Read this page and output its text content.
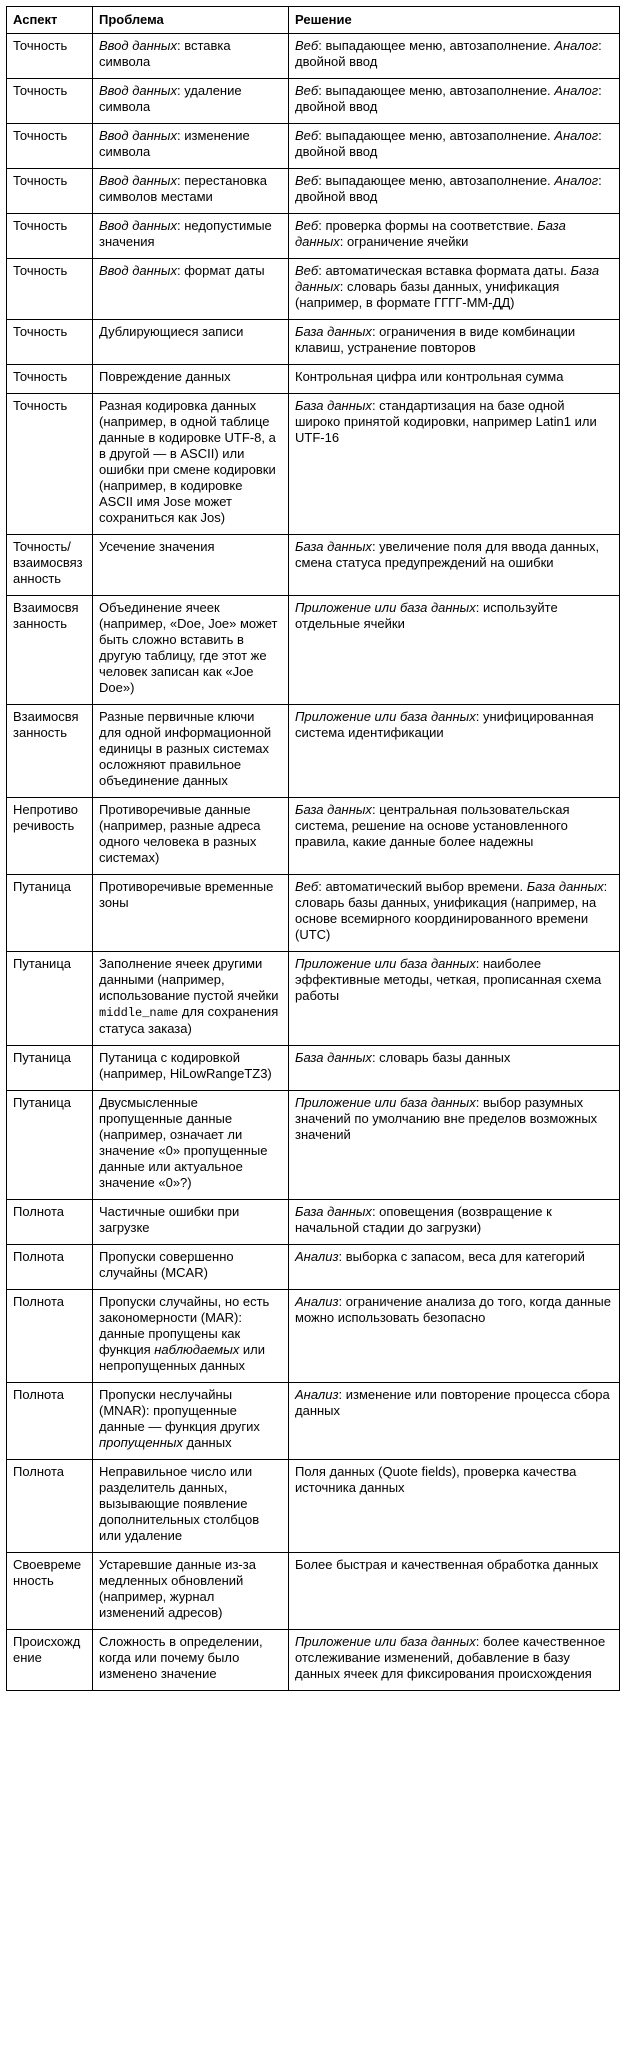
Аспект	Проблема	Решение
Точность	Ввод данных: вставка символа	Веб: выпадающее меню, автозаполнение. Аналог: двойной ввод
Точность	Ввод данных: удаление символа	Веб: выпадающее меню, автозаполнение. Аналог: двойной ввод
Точность	Ввод данных: изменение символа	Веб: выпадающее меню, автозаполнение. Аналог: двойной ввод
Точность	Ввод данных: перестановка символов местами	Веб: выпадающее меню, автозаполнение. Аналог: двойной ввод
Точность	Ввод данных: недопустимые значения	Веб: проверка формы на соответствие. База данных: ограничение ячейки
Точность	Ввод данных: формат даты	Веб: автоматическая вставка формата даты. База данных: словарь базы данных, унификация (например, в формате ГГГГ-ММ-ДД)
Точность	Дублирующиеся записи	База данных: ограничения в виде комбинации клавиш, устранение повторов
Точность	Повреждение данных	Контрольная цифра или контрольная сумма
Точность	Разная кодировка данных (например, в одной таблице данные в кодировке UTF-8, а в другой — в ASCII) или ошибки при смене кодировки (например, в кодировке ASCII имя Jose может сохраниться как Jos)	База данных: стандартизация на базе одной широко принятой кодировки, например Latin1 или UTF-16
Точность/взаимосвязанность	Усечение значения	База данных: увеличение поля для ввода данных, смена статуса предупреждений на ошибки
Взаимосвязанность	Объединение ячеек (например, «Doe, Joe» может быть сложно вставить в другую таблицу, где этот же человек записан как «Joe Doe»)	Приложение или база данных: используйте отдельные ячейки
Взаимосвязанность	Разные первичные ключи для одной информационной единицы в разных системах осложняют правильное объединение данных	Приложение или база данных: унифицированная система идентификации
Непротиворечивость	Противоречивые данные (например, разные адреса одного человека в разных системах)	База данных: центральная пользовательская система, решение на основе установленного правила, какие данные более надежны
Путаница	Противоречивые временные зоны	Веб: автоматический выбор времени. База данных: словарь базы данных, унификация (например, на основе всемирного координированного времени (UTC)
Путаница	Заполнение ячеек другими данными (например, использование пустой ячейки middle_name для сохранения статуса заказа)	Приложение или база данных: наиболее эффективные методы, четкая, прописанная схема работы
Путаница	Путаница с кодировкой (например, HiLowRangeTZ3)	База данных: словарь базы данных
Путаница	Двусмысленные пропущенные данные (например, означает ли значение «0» пропущенные данные или актуальное значение «0»?)	Приложение или база данных: выбор разумных значений по умолчанию вне пределов возможных значений
Полнота	Частичные ошибки при загрузке	База данных: оповещения (возвращение к начальной стадии до загрузки)
Полнота	Пропуски совершенно случайны (MCAR)	Анализ: выборка с запасом, веса для категорий
Полнота	Пропуски случайны, но есть закономерности (MAR): данные пропущены как функция наблюдаемых или непропущенных данных	Анализ: ограничение анализа до того, когда данные можно использовать безопасно
Полнота	Пропуски неслучайны (MNAR): пропущенные данные — функция других пропущенных данных	Анализ: изменение или повторение процесса сбора данных
Полнота	Неправильное число или разделитель данных, вызывающие появление дополнительных столбцов или удаление	Поля данных (Quote fields), проверка качества источника данных
Своевременность	Устаревшие данные из-за медленных обновлений (например, журнал изменений адресов)	Более быстрая и качественная обработка данных
Происхождение	Сложность в определении, когда или почему было изменено значение	Приложение или база данных: более качественное отслеживание изменений, добавление в базу данных ячеек для фиксирования происхождения
